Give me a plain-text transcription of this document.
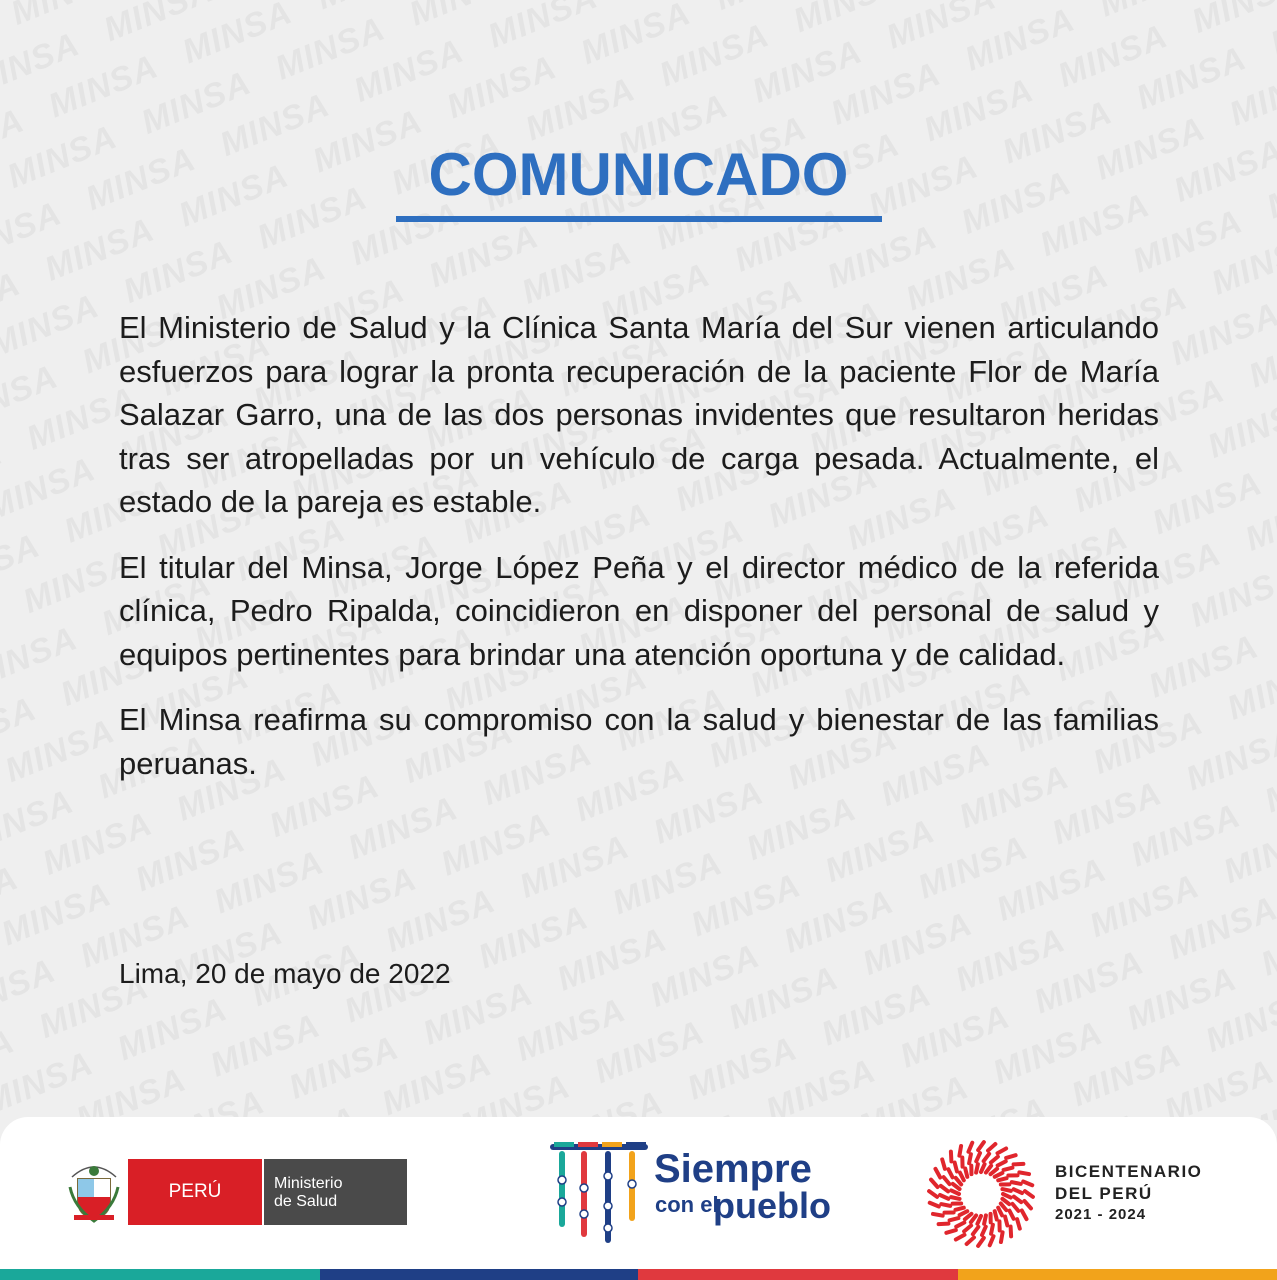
COMUNICADO

El Ministerio de Salud y la Clínica Santa María del Sur vienen articulando esfuerzos para lograr la pronta recuperación de la paciente Flor de María Salazar Garro, una de las dos personas invidentes que resultaron heridas tras ser atropelladas por un vehículo de carga pesada. Actualmente, el estado de la pareja es estable.

El titular del Minsa, Jorge López Peña y el director médico de la referida clínica, Pedro Ripalda, coincidieron en disponer del personal de salud y equipos pertinentes para brindar una atención oportuna y de calidad.

El Minsa reafirma su compromiso con la salud y bienestar de las familias peruanas.

Lima, 20 de mayo de 2022
PERÚ	Ministerio
de Salud
Siempre
con el
pueblo
BICENTENARIO
DEL PERÚ
2021 - 2024
